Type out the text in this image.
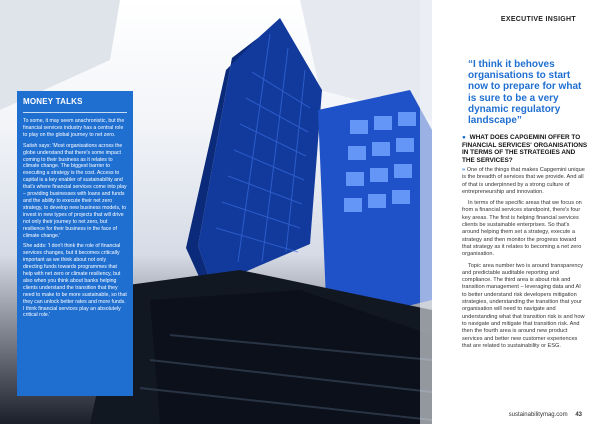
MONEY TALKS

To some, it may seem anachronistic, but the financial services industry has a central role to play on the global journey to net zero.

Satish says: 'Most organisations across the globe understand that there's some impact coming to their business as it relates to climate change. The biggest barrier to executing a strategy is the cost. Access to capital is a key enabler of sustainability and that's where financial services come into play – providing businesses with loans and funds and the ability to execute their net zero strategy, to develop new business models, to invest in new types of projects that will drive not only their journey to net zero, but resilience for their business in the face of climate change.'

She adds: 'I don't think the role of financial services changes, but it becomes critically important as we think about not only directing funds towards programmes that help with net zero or climate resiliency, but also when you think about banks helping clients understand the transition that they need to make to be more sustainable, so that they can unlock better rates and more funds. I think financial services play an absolutely critical role.'

EXECUTIVE INSIGHT
“I think it behoves organisations to start now to prepare for what is sure to be a very dynamic regulatory landscape”
● WHAT DOES CAPGEMINI OFFER TO FINANCIAL SERVICES' ORGANISATIONS IN TERMS OF THE STRATEGIES AND THE SERVICES?

» One of the things that makes Capgemini unique is the breadth of services that we provide. And all of that is underpinned by a strong culture of entrepreneurship and innovation.

In terms of the specific areas that we focus on from a financial services standpoint, there's four key areas. The first is helping financial services clients be sustainable enterprises. So that's around helping them set a strategy, execute a strategy and then monitor the progress toward that strategy as it relates to becoming a net zero organisation.

Topic area number two is around transparency and predictable auditable reporting and compliance. The third area is about risk and transition management – leveraging data and AI to better understand risk developers mitigation strategies, understanding the transition that your organisation will need to navigate and understanding what that transition risk is and how to navigate and mitigate that transition risk. And then the fourth area is around new product services and better new customer experiences that are related to sustainability or ESG.

sustainabilitymag.com 43
